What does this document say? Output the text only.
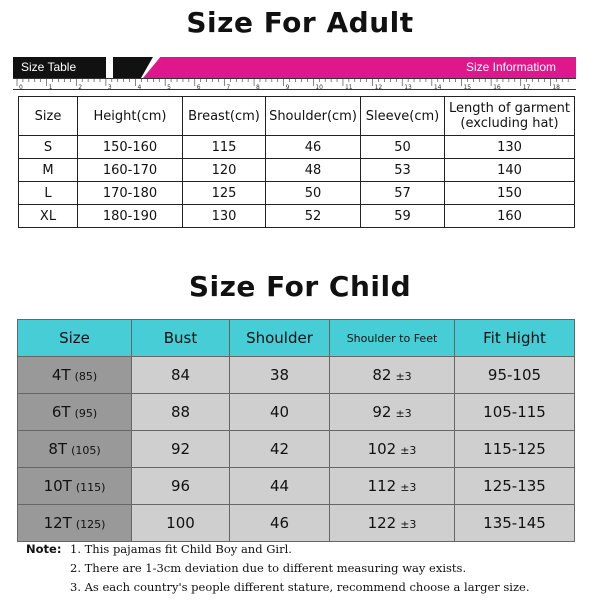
Size For Adult
Size Table	Size Informatiom
0	1	2	3	4	5	6	7	8	9	10	11	12	13	14	15	16	17	18
Size	Height(cm)	Breast(cm)	Shoulder(cm)	Sleeve(cm)	Length of garment
(excluding hat)

S	150-160	115	46	50	130
M	160-170	120	48	53	140
L	170-180	125	50	57	150
XL	180-190	130	52	59	160
Size For Child
Size	Bust	Shoulder	Shoulder to Feet	Fit Hight
4T (85)	84	38	82 ±3	95-105
6T (95)	88	40	92 ±3	105-115
8T (105)	92	42	102 ±3	115-125
10T (115)	96	44	112 ±3	125-135
12T (125)	100	46	122 ±3	135-145
Note: 1. This pajamas fit Child Boy and Girl.
2. There are 1-3cm deviation due to different measuring way exists.
3. As each country's people different stature, recommend choose a larger size.
